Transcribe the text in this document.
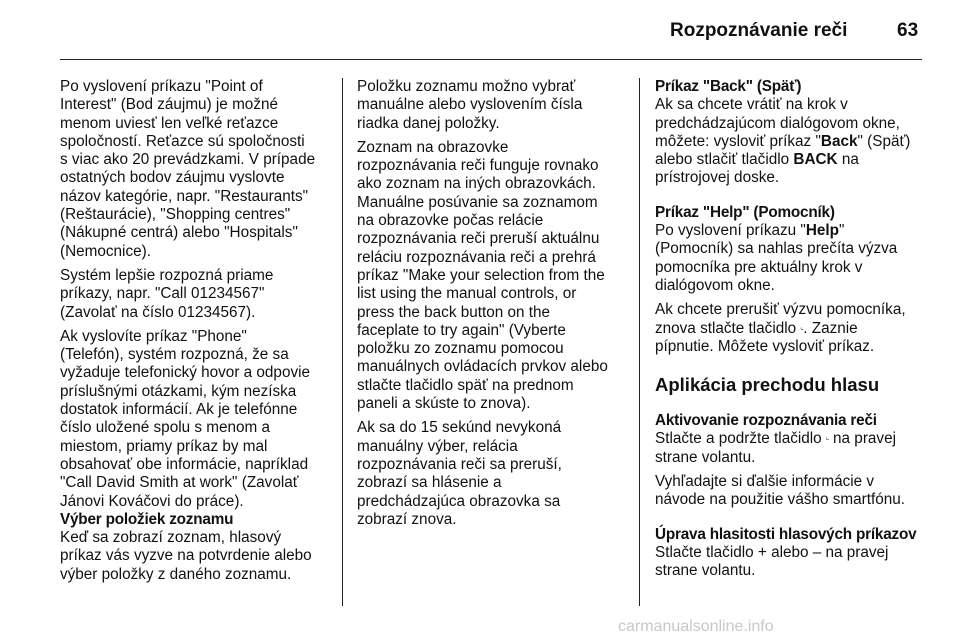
Rozpoznávanie reči	63

Po vyslovení príkazu "Point of
Interest" (Bod záujmu) je možné
menom uviesť len veľké reťazce
spoločností. Reťazce sú spoločnosti
s viac ako 20 prevádzkami. V prípade
ostatných bodov záujmu vyslovte
názov kategórie, napr. "Restaurants"
(Reštaurácie), "Shopping centres"
(Nákupné centrá) alebo "Hospitals"
(Nemocnice).

Systém lepšie rozpozná priame
príkazy, napr. "Call 01234567"
(Zavolať na číslo 01234567).
Ak vyslovíte príkaz "Phone"
(Telefón), systém rozpozná, že sa
vyžaduje telefonický hovor a odpovie
príslušnými otázkami, kým nezíska
dostatok informácií. Ak je telefónne
číslo uložené spolu s menom a
miestom, priamy príkaz by mal
obsahovať obe informácie, napríklad
"Call David Smith at work" (Zavolať
Jánovi Kováčovi do práce).
Výber položiek zoznamu
Keď sa zobrazí zoznam, hlasový
príkaz vás vyzve na potvrdenie alebo
výber položky z daného zoznamu.
Položku zoznamu možno vybrať
manuálne alebo vyslovením čísla
riadka danej položky.
Zoznam na obrazovke
rozpoznávania reči funguje rovnako
ako zoznam na iných obrazovkách.
Manuálne posúvanie sa zoznamom
na obrazovke počas relácie
rozpoznávania reči preruší aktuálnu
reláciu rozpoznávania reči a prehrá
príkaz "Make your selection from the
list using the manual controls, or
press the back button on the
faceplate to try again" (Vyberte
položku zo zoznamu pomocou
manuálnych ovládacích prvkov alebo
stlačte tlačidlo späť na prednom
paneli a skúste to znova).
Ak sa do 15 sekúnd nevykoná
manuálny výber, relácia
rozpoznávania reči sa preruší,
zobrazí sa hlásenie a
predchádzajúca obrazovka sa
zobrazí znova.
Príkaz "Back" (Späť)
Ak sa chcete vrátiť na krok v
predchádzajúcom dialógovom okne,
môžete: vysloviť príkaz "Back" (Späť)
alebo stlačiť tlačidlo BACK na
prístrojovej doske.
Príkaz "Help" (Pomocník)
Po vyslovení príkazu "Help"
(Pomocník) sa nahlas prečíta výzva
pomocníka pre aktuálny krok v
dialógovom okne.
Ak chcete prerušiť výzvu pomocníka,
znova stlačte tlačidlo 𝆥. Zaznie
pípnutie. Môžete vysloviť príkaz.
Aplikácia prechodu hlasu
Aktivovanie rozpoznávania reči
Stlačte a podržte tlačidlo 𝆥 na pravej
strane volantu.
Vyhľadajte si ďalšie informácie v
návode na použitie vášho smartfónu.
Úprava hlasitosti hlasových príkazov
Stlačte tlačidlo + alebo – na pravej
strane volantu.
carmanualsonline.info
